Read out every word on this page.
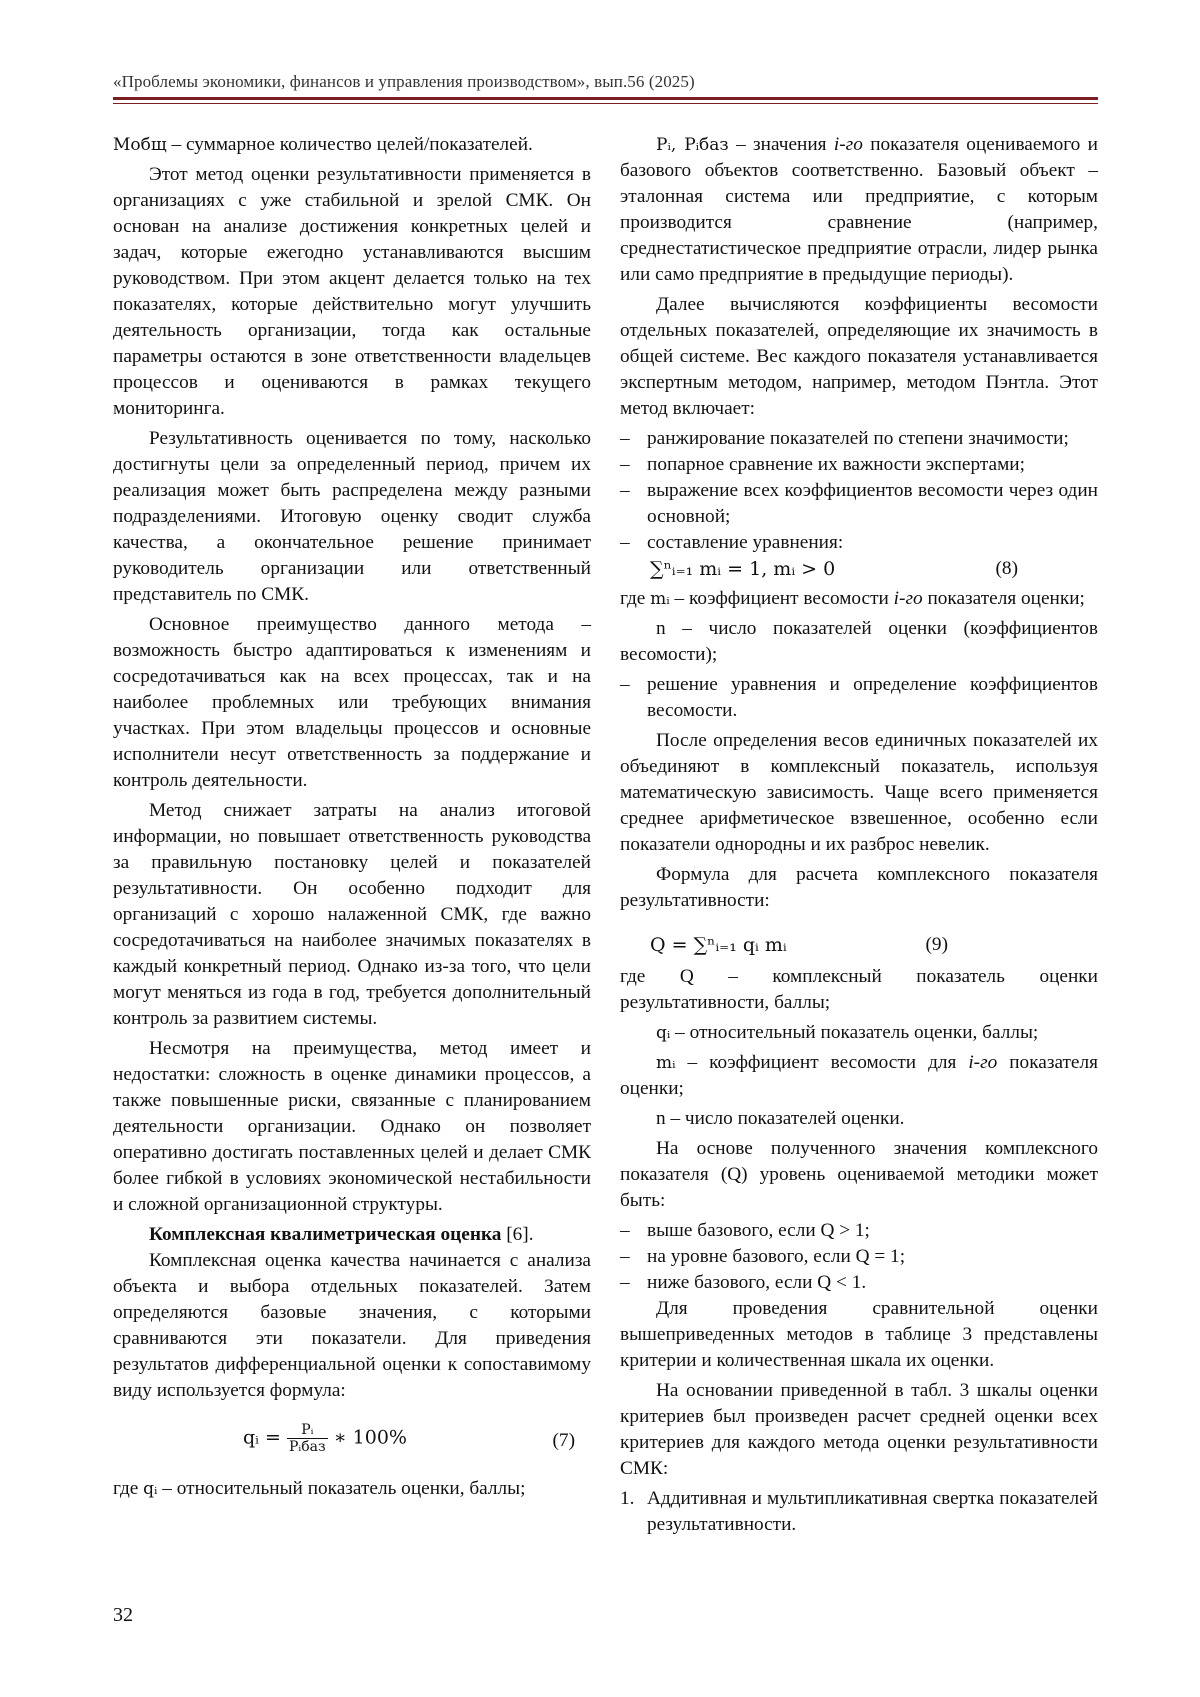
«Проблемы экономики, финансов и управления производством», вып.56 (2025)

Mобщ – суммарное количество целей/показателей.

Этот метод оценки результативности применяется в организациях с уже стабильной и зрелой СМК. Он основан на анализе достижения конкретных целей и задач, которые ежегодно устанавливаются высшим руководством. При этом акцент делается только на тех показателях, которые действительно могут улучшить деятельность организации, тогда как остальные параметры остаются в зоне ответственности владельцев процессов и оцениваются в рамках текущего мониторинга.

Результативность оценивается по тому, насколько достигнуты цели за определенный период, причем их реализация может быть распределена между разными подразделениями. Итоговую оценку сводит служба качества, а окончательное решение принимает руководитель организации или ответственный представитель по СМК.

Основное преимущество данного метода – возможность быстро адаптироваться к изменениям и сосредотачиваться как на всех процессах, так и на наиболее проблемных или требующих внимания участках. При этом владельцы процессов и основные исполнители несут ответственность за поддержание и контроль деятельности.

Метод снижает затраты на анализ итоговой информации, но повышает ответственность руководства за правильную постановку целей и показателей результативности. Он особенно подходит для организаций с хорошо налаженной СМК, где важно сосредотачиваться на наиболее значимых показателях в каждый конкретный период. Однако из-за того, что цели могут меняться из года в год, требуется дополнительный контроль за развитием системы.

Несмотря на преимущества, метод имеет и недостатки: сложность в оценке динамики процессов, а также повышенные риски, связанные с планированием деятельности организации. Однако он позволяет оперативно достигать поставленных целей и делает СМК более гибкой в условиях экономической нестабильности и сложной организационной структуры.

Комплексная квалиметрическая оценка [6].

Комплексная оценка качества начинается с анализа объекта и выбора отдельных показателей. Затем определяются базовые значения, с которыми сравниваются эти показатели. Для приведения результатов дифференциальной оценки к сопоставимому виду используется формула:

qᵢ = $\frac{\text{Pᵢ}}{\text{Pᵢбаз}}$ ∗ 100%	(7)

где qᵢ – относительный показатель оценки, баллы;

Pᵢ, Pᵢбаз – значения i-го показателя оцениваемого и базового объектов соответственно. Базовый объект – эталонная система или предприятие, с которым производится сравнение (например, среднестатистическое предприятие отрасли, лидер рынка или само предприятие в предыдущие периоды).

Далее вычисляются коэффициенты весомости отдельных показателей, определяющие их значимость в общей системе. Вес каждого показателя устанавливается экспертным методом, например, методом Пэнтла. Этот метод включает:

– ранжирование показателей по степени значимости;

– попарное сравнение их важности экспертами;

– выражение всех коэффициентов весомости через один основной;

– составление уравнения:

∑ⁿᵢ₌₁ mᵢ = 1, mᵢ > 0	(8)

где mᵢ – коэффициент весомости i-го показателя оценки;

n – число показателей оценки (коэффициентов весомости);

– решение уравнения и определение коэффициентов весомости.

После определения весов единичных показателей их объединяют в комплексный показатель, используя математическую зависимость. Чаще всего применяется среднее арифметическое взвешенное, особенно если показатели однородны и их разброс невелик.

Формула для расчета комплексного показателя результативности:

Q = ∑ⁿᵢ₌₁ qᵢ mᵢ	(9)

где Q – комплексный показатель оценки результативности, баллы;

qᵢ – относительный показатель оценки, баллы;

mᵢ – коэффициент весомости для i-го показателя оценки;

n – число показателей оценки.

На основе полученного значения комплексного показателя (Q) уровень оцениваемой методики может быть:

– выше базового, если Q > 1;

– на уровне базового, если Q = 1;

– ниже базового, если Q < 1.

Для проведения сравнительной оценки вышеприведенных методов в таблице 3 представлены критерии и количественная шкала их оценки.

На основании приведенной в табл. 3 шкалы оценки критериев был произведен расчет средней оценки всех критериев для каждого метода оценки результативности СМК:

1. Аддитивная и мультипликативная свертка показателей результативности.

32
